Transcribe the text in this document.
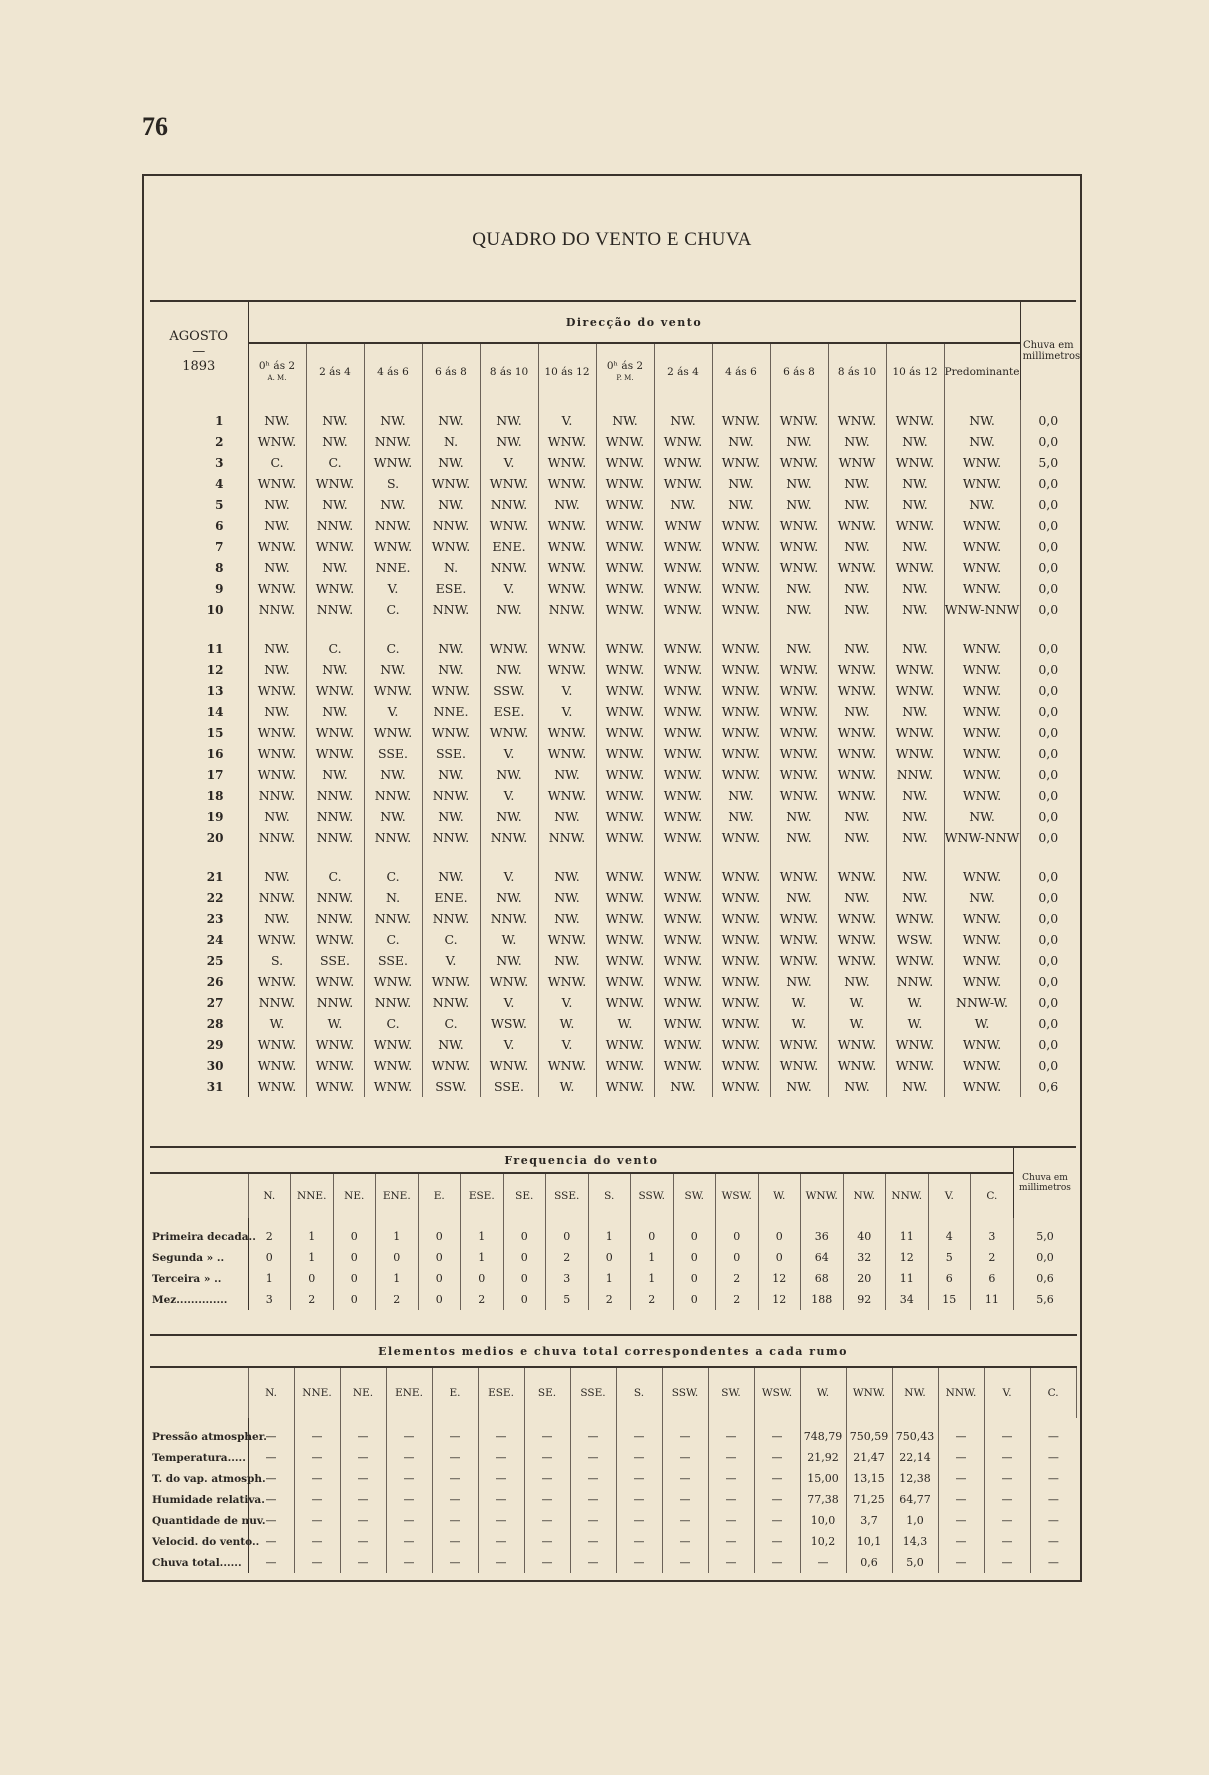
76
QUADRO DO VENTO E CHUVA
AGOSTO
—
1893	Direcção do vento													Chuva em millimetros

	0ʰ ás 2
A. M.	2 ás 4	4 ás 6	6 ás 8	8 ás 10	10 ás 12	0ʰ ás 2
P. M.	2 ás 4	4 ás 6	6 ás 8	8 ás 10	10 ás 12	Predominante	
1	NW.	NW.	NW.	NW.	NW.	V.	NW.	NW.	WNW.	WNW.	WNW.	WNW.	NW.	0,0
2	WNW.	NW.	NNW.	N.	NW.	WNW.	WNW.	WNW.	NW.	NW.	NW.	NW.	NW.	0,0
3	C.	C.	WNW.	NW.	V.	WNW.	WNW.	WNW.	WNW.	WNW.	WNW	WNW.	WNW.	5,0
4	WNW.	WNW.	S.	WNW.	WNW.	WNW.	WNW.	WNW.	NW.	NW.	NW.	NW.	WNW.	0,0
5	NW.	NW.	NW.	NW.	NNW.	NW.	WNW.	NW.	NW.	NW.	NW.	NW.	NW.	0,0
6	NW.	NNW.	NNW.	NNW.	WNW.	WNW.	WNW.	WNW	WNW.	WNW.	WNW.	WNW.	WNW.	0,0
7	WNW.	WNW.	WNW.	WNW.	ENE.	WNW.	WNW.	WNW.	WNW.	WNW.	NW.	NW.	WNW.	0,0
8	NW.	NW.	NNE.	N.	NNW.	WNW.	WNW.	WNW.	WNW.	WNW.	WNW.	WNW.	WNW.	0,0
9	WNW.	WNW.	V.	ESE.	V.	WNW.	WNW.	WNW.	WNW.	NW.	NW.	NW.	WNW.	0,0
10	NNW.	NNW.	C.	NNW.	NW.	NNW.	WNW.	WNW.	WNW.	NW.	NW.	NW.	WNW-NNW	0,0

11	NW.	C.	C.	NW.	WNW.	WNW.	WNW.	WNW.	WNW.	NW.	NW.	NW.	WNW.	0,0
12	NW.	NW.	NW.	NW.	NW.	WNW.	WNW.	WNW.	WNW.	WNW.	WNW.	WNW.	WNW.	0,0
13	WNW.	WNW.	WNW.	WNW.	SSW.	V.	WNW.	WNW.	WNW.	WNW.	WNW.	WNW.	WNW.	0,0
14	NW.	NW.	V.	NNE.	ESE.	V.	WNW.	WNW.	WNW.	WNW.	NW.	NW.	WNW.	0,0
15	WNW.	WNW.	WNW.	WNW.	WNW.	WNW.	WNW.	WNW.	WNW.	WNW.	WNW.	WNW.	WNW.	0,0
16	WNW.	WNW.	SSE.	SSE.	V.	WNW.	WNW.	WNW.	WNW.	WNW.	WNW.	WNW.	WNW.	0,0
17	WNW.	NW.	NW.	NW.	NW.	NW.	WNW.	WNW.	WNW.	WNW.	WNW.	NNW.	WNW.	0,0
18	NNW.	NNW.	NNW.	NNW.	V.	WNW.	WNW.	WNW.	NW.	WNW.	WNW.	NW.	WNW.	0,0
19	NW.	NNW.	NW.	NW.	NW.	NW.	WNW.	WNW.	NW.	NW.	NW.	NW.	NW.	0,0
20	NNW.	NNW.	NNW.	NNW.	NNW.	NNW.	WNW.	WNW.	WNW.	NW.	NW.	NW.	WNW-NNW	0,0

21	NW.	C.	C.	NW.	V.	NW.	WNW.	WNW.	WNW.	WNW.	WNW.	NW.	WNW.	0,0
22	NNW.	NNW.	N.	ENE.	NW.	NW.	WNW.	WNW.	WNW.	NW.	NW.	NW.	NW.	0,0
23	NW.	NNW.	NNW.	NNW.	NNW.	NW.	WNW.	WNW.	WNW.	WNW.	WNW.	WNW.	WNW.	0,0
24	WNW.	WNW.	C.	C.	W.	WNW.	WNW.	WNW.	WNW.	WNW.	WNW.	WSW.	WNW.	0,0
25	S.	SSE.	SSE.	V.	NW.	NW.	WNW.	WNW.	WNW.	WNW.	WNW.	WNW.	WNW.	0,0
26	WNW.	WNW.	WNW.	WNW.	WNW.	WNW.	WNW.	WNW.	WNW.	NW.	NW.	NNW.	WNW.	0,0
27	NNW.	NNW.	NNW.	NNW.	V.	V.	WNW.	WNW.	WNW.	W.	W.	W.	NNW-W.	0,0
28	W.	W.	C.	C.	WSW.	W.	W.	WNW.	WNW.	W.	W.	W.	W.	0,0
29	WNW.	WNW.	WNW.	NW.	V.	V.	WNW.	WNW.	WNW.	WNW.	WNW.	WNW.	WNW.	0,0
30	WNW.	WNW.	WNW.	WNW.	WNW.	WNW.	WNW.	WNW.	WNW.	WNW.	WNW.	WNW.	WNW.	0,0
31	WNW.	WNW.	WNW.	SSW.	SSE.	W.	WNW.	NW.	WNW.	NW.	NW.	NW.	WNW.	0,6
Frequencia do vento																			Chuva em millimetros

	N.	NNE.	NE.	ENE.	E.	ESE.	SE.	SSE.	S.	SSW.	SW.	WSW.	W.	WNW.	NW.	NNW.	V.	C.	
Primeira decada..	2	1	0	1	0	1	0	0	1	0	0	0	0	36	40	11	4	3	5,0
Segunda » ..	0	1	0	0	0	1	0	2	0	1	0	0	0	64	32	12	5	2	0,0
Terceira » ..	1	0	0	1	0	0	0	3	1	1	0	2	12	68	20	11	6	6	0,6
Mez..............	3	2	0	2	0	2	0	5	2	2	0	2	12	188	92	34	15	11	5,6
Elementos medios e chuva total correspondentes a cada rumo																		
	N.	NNE.	NE.	ENE.	E.	ESE.	SE.	SSE.	S.	SSW.	SW.	WSW.	W.	WNW.	NW.	NNW.	V.	C.
Pressão atmospher.	—	—	—	—	—	—	—	—	—	—	—	—	748,79	750,59	750,43	—	—	—
Temperatura.....	—	—	—	—	—	—	—	—	—	—	—	—	21,92	21,47	22,14	—	—	—
T. do vap. atmosph.	—	—	—	—	—	—	—	—	—	—	—	—	15,00	13,15	12,38	—	—	—
Humidade relativa.	—	—	—	—	—	—	—	—	—	—	—	—	77,38	71,25	64,77	—	—	—
Quantidade de nuv.	—	—	—	—	—	—	—	—	—	—	—	—	10,0	3,7	1,0	—	—	—
Velocid. do vento..	—	—	—	—	—	—	—	—	—	—	—	—	10,2	10,1	14,3	—	—	—
Chuva total......	—	—	—	—	—	—	—	—	—	—	—	—	—	0,6	5,0	—	—	—
